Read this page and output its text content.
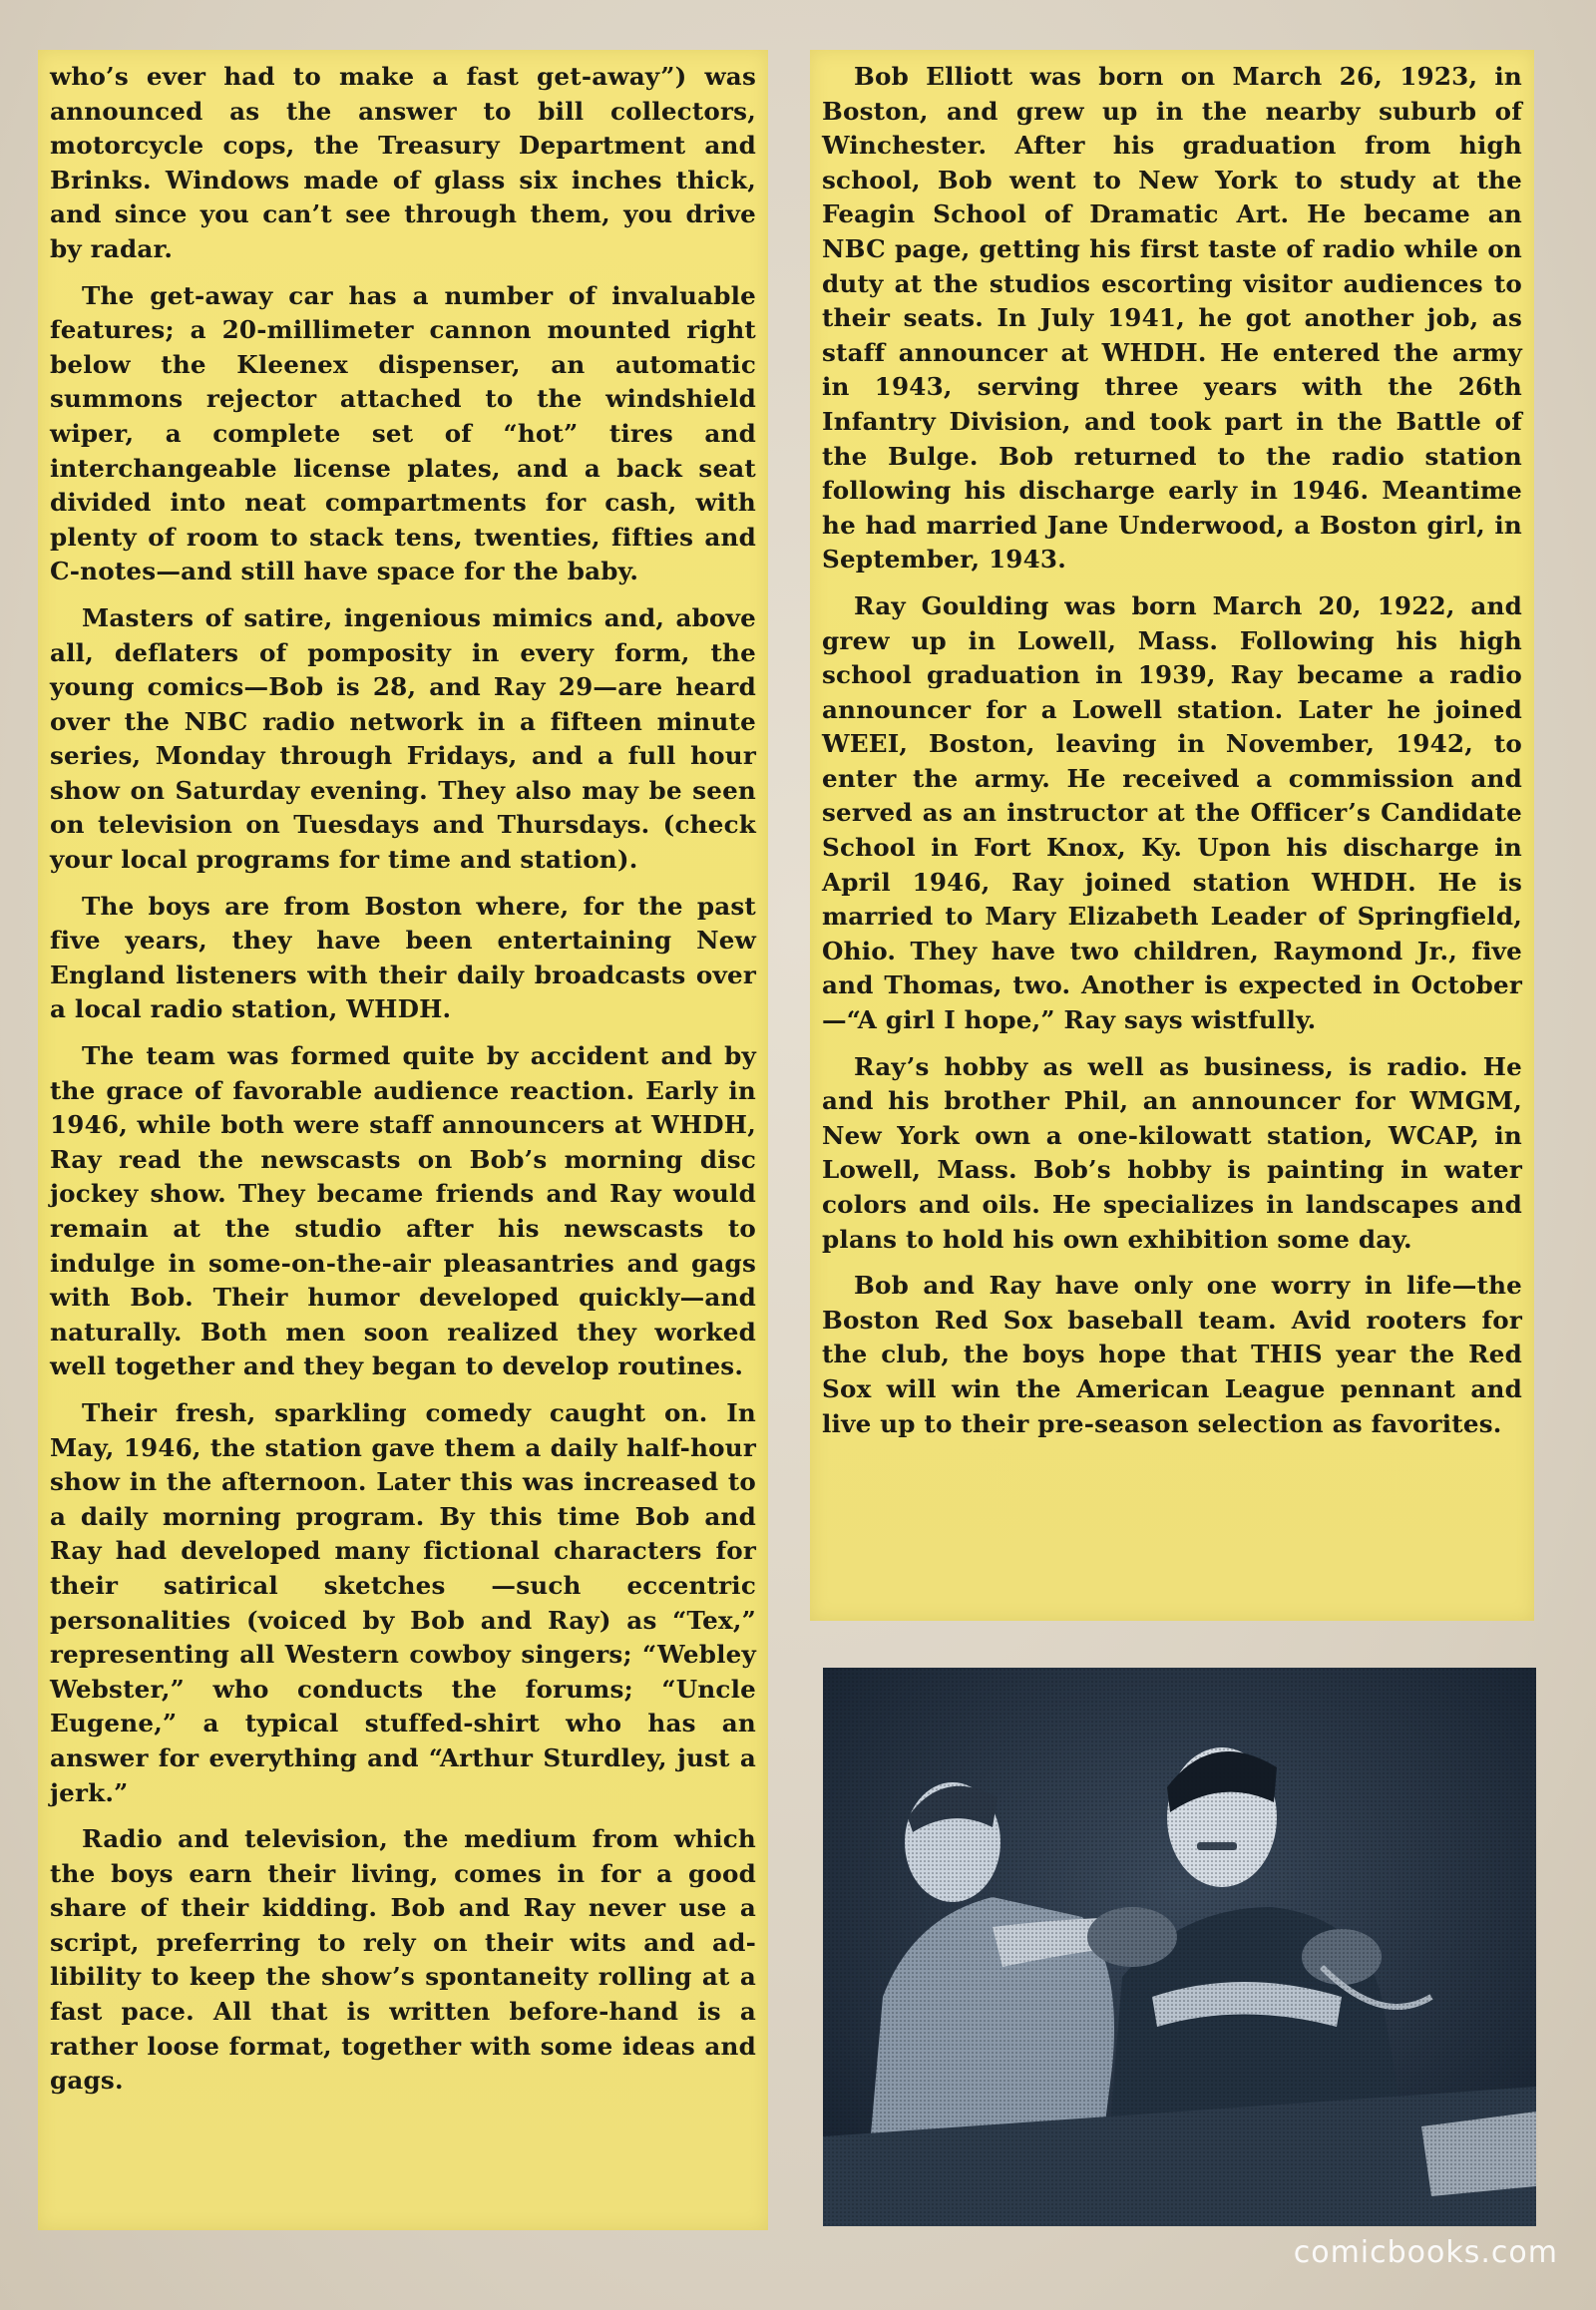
who’s ever had to make a fast get-away”) was announced as the answer to bill collectors, motorcycle cops, the Treasury Department and Brinks. Windows made of glass six inches thick, and since you can’t see through them, you drive by radar.

The get-away car has a number of invaluable features; a 20-millimeter cannon mounted right below the Kleenex dispenser, an automatic summons rejector attached to the windshield wiper, a complete set of “hot” tires and interchangeable license plates, and a back seat divided into neat compartments for cash, with plenty of room to stack tens, twenties, fifties and C-notes—and still have space for the baby.

Masters of satire, ingenious mimics and, above all, deflaters of pomposity in every form, the young comics—Bob is 28, and Ray 29—are heard over the NBC radio network in a fifteen minute series, Monday through Fridays, and a full hour show on Saturday evening. They also may be seen on television on Tuesdays and Thursdays. (check your local programs for time and station).

The boys are from Boston where, for the past five years, they have been entertaining New England listeners with their daily broadcasts over a local radio station, WHDH.

The team was formed quite by accident and by the grace of favorable audience reaction. Early in 1946, while both were staff announcers at WHDH, Ray read the newscasts on Bob’s morning disc jockey show. They became friends and Ray would remain at the studio after his newscasts to indulge in some-on-the-air pleasantries and gags with Bob. Their humor developed quickly—and naturally. Both men soon realized they worked well together and they began to develop routines.

Their fresh, sparkling comedy caught on. In May, 1946, the station gave them a daily half-hour show in the afternoon. Later this was increased to a daily morning program. By this time Bob and Ray had developed many fictional characters for their satirical sketches —such eccentric personalities (voiced by Bob and Ray) as “Tex,” representing all Western cowboy singers; “Webley Webster,” who conducts the forums; “Uncle Eugene,” a typical stuffed-shirt who has an answer for everything and “Arthur Sturdley, just a jerk.”

Radio and television, the medium from which the boys earn their living, comes in for a good share of their kidding. Bob and Ray never use a script, preferring to rely on their wits and ad-libility to keep the show’s spontaneity rolling at a fast pace. All that is written before-hand is a rather loose format, together with some ideas and gags.

Bob Elliott was born on March 26, 1923, in Boston, and grew up in the nearby suburb of Winchester. After his graduation from high school, Bob went to New York to study at the Feagin School of Dramatic Art. He became an NBC page, getting his first taste of radio while on duty at the studios escorting visitor audiences to their seats. In July 1941, he got another job, as staff announcer at WHDH. He entered the army in 1943, serving three years with the 26th Infantry Division, and took part in the Battle of the Bulge. Bob returned to the radio station following his discharge early in 1946. Meantime he had married Jane Underwood, a Boston girl, in September, 1943.

Ray Goulding was born March 20, 1922, and grew up in Lowell, Mass. Following his high school graduation in 1939, Ray became a radio announcer for a Lowell station. Later he joined WEEI, Boston, leaving in November, 1942, to enter the army. He received a commission and served as an instructor at the Officer’s Candidate School in Fort Knox, Ky. Upon his discharge in April 1946, Ray joined station WHDH. He is married to Mary Elizabeth Leader of Springfield, Ohio. They have two children, Raymond Jr., five and Thomas, two. Another is expected in October—“A girl I hope,” Ray says wistfully.

Ray’s hobby as well as business, is radio. He and his brother Phil, an announcer for WMGM, New York own a one-kilowatt station, WCAP, in Lowell, Mass. Bob’s hobby is painting in water colors and oils. He specializes in landscapes and plans to hold his own exhibition some day.

Bob and Ray have only one worry in life—the Boston Red Sox baseball team. Avid rooters for the club, the boys hope that THIS year the Red Sox will win the American League pennant and live up to their pre-season selection as favorites.

comicbooks.com
